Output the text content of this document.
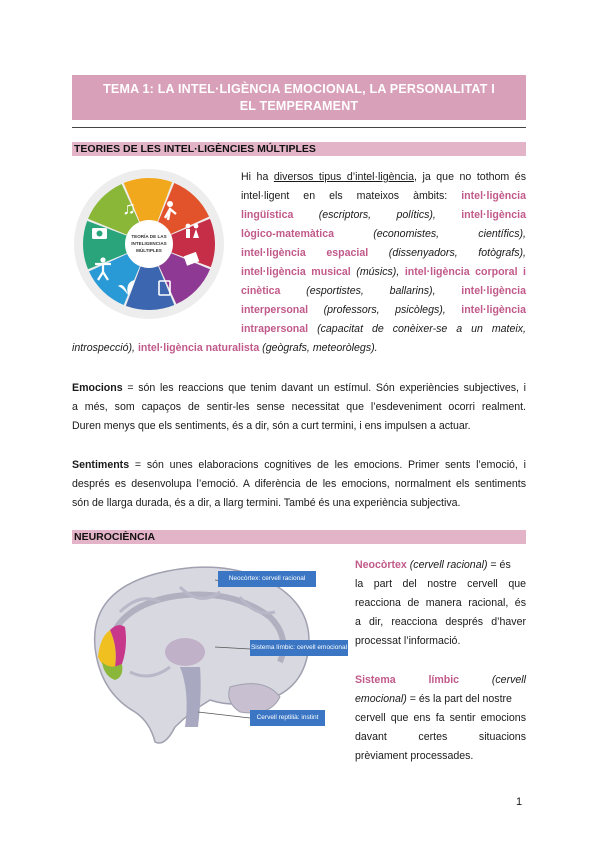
TEMA 1: LA INTEL·LIGÈNCIA EMOCIONAL, LA PERSONALITAT I
EL TEMPERAMENT
TEORIES DE LES INTEL·LIGÈNCIES MÚLTIPLES
TEORÍA DE LAS
INTELIGENCIAS
MÚLTIPLES
♫
Hi ha diversos tipus d’intel·ligència, ja que no tothom és
intel·ligent en els mateixos àmbits: intel·ligència
lingüística (escriptors, polítics), intel·ligència
lògico-matemàtica	(economistes,	científics),
intel·ligència espacial (dissenyadors, fotògrafs),
intel·ligència musical (músics), intel·ligència corporal i
cinètica (esportistes, ballarins), intel·ligència
interpersonal (professors, psicòlegs), intel·ligència
intrapersonal (capacitat de conèixer-se a un mateix,
introspecció), intel·ligència naturalista (geògrafs, meteoròlegs).
Emocions = són les reaccions que tenim davant un estímul. Són experiències subjectives, i
a més, som capaços de sentir-les sense necessitat que l’esdeveniment ocorri realment.
Duren menys que els sentiments, és a dir, són a curt termini, i ens impulsen a actuar.
Sentiments = són unes elaboracions cognitives de les emocions. Primer sents l’emoció, i
després es desenvolupa l’emoció. A diferència de les emocions, normalment els sentiments
són de llarga durada, és a dir, a llarg termini. També és una experiència subjectiva.
NEUROCIÈNCIA
Neocòrtex: cervell racional
Sistema límbic: cervell emocional
Cervell reptilià: instint
Neocòrtex (cervell racional) = és
la part del nostre cervell que
reacciona de manera racional, és
a dir, reacciona després d’haver
processat l’informació.
Sistema	límbic	(cervell
emocional) = és la part del nostre
cervell que ens fa sentir emocions
davant	certes	situacions
prèviament processades.
1
